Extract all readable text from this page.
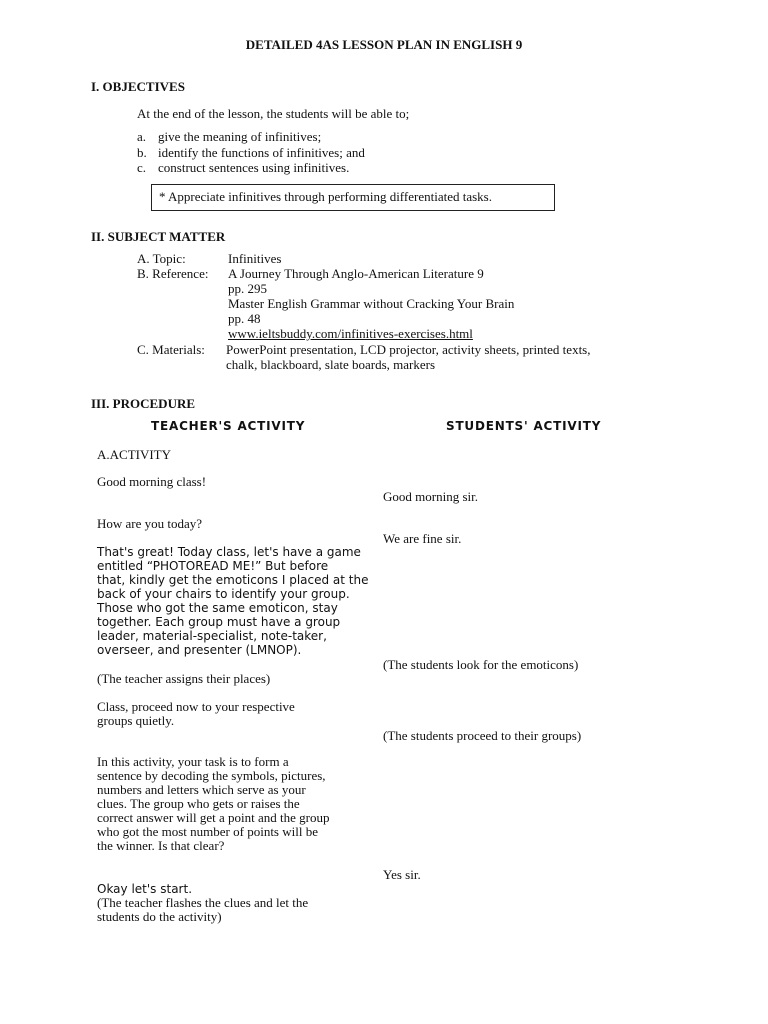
DETAILED 4AS LESSON PLAN IN ENGLISH 9
I. OBJECTIVES
At the end of the lesson, the students will be able to;
a. give the meaning of infinitives;
b. identify the functions of infinitives; and
c. construct sentences using infinitives.
* Appreciate infinitives through performing differentiated tasks.
II. SUBJECT MATTER
A. Topic:	Infinitives
B. Reference: A Journey Through Anglo-American Literature 9
pp. 295
Master English Grammar without Cracking Your Brain
pp. 48
www.ieltsbuddy.com/infinitives-exercises.html
C. Materials: PowerPoint presentation, LCD projector, activity sheets, printed texts,
chalk, blackboard, slate boards, markers
III. PROCEDURE
TEACHER'S ACTIVITY	STUDENTS' ACTIVITY
A.ACTIVITY
Good morning class!
How are you today?
That's great! Today class, let's have a game
entitled “PHOTOREAD ME!” But before
that, kindly get the emoticons I placed at the
back of your chairs to identify your group.
Those who got the same emoticon, stay
together. Each group must have a group
leader, material-specialist, note-taker,
overseer, and presenter (LMNOP).
(The teacher assigns their places)
Class, proceed now to your respective
groups quietly.
In this activity, your task is to form a
sentence by decoding the symbols, pictures,
numbers and letters which serve as your
clues. The group who gets or raises the
correct answer will get a point and the group
who got the most number of points will be
the winner. Is that clear?
Okay let's start.
(The teacher flashes the clues and let the
students do the activity)
Good morning sir.
We are fine sir.
(The students look for the emoticons)
(The students proceed to their groups)
Yes sir.
